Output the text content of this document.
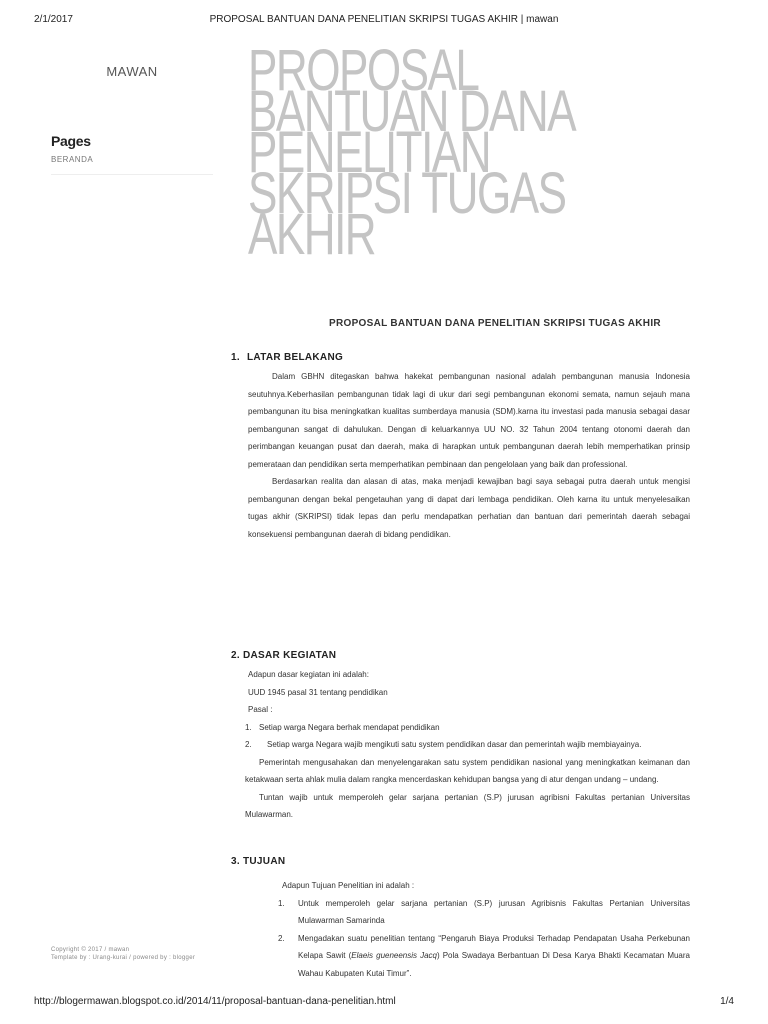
2/1/2017	PROPOSAL BANTUAN DANA PENELITIAN SKRIPSI TUGAS AKHIR | mawan
MAWAN
Pages
BERANDA
Copyright © 2017 / mawan
Template by : Urang-kurai / powered by : blogger
PROPOSAL BANTUAN DANA PENELITIAN SKRIPSI TUGAS AKHIR
PROPOSAL BANTUAN DANA PENELITIAN SKRIPSI TUGAS AKHIR
1. LATAR BELAKANG

Dalam GBHN ditegaskan bahwa hakekat pembangunan nasional adalah pembangunan manusia Indonesia seutuhnya.Keberhasilan pembangunan tidak lagi di ukur dari segi pembangunan ekonomi semata, namun sejauh mana pembangunan itu bisa meningkatkan kualitas sumberdaya manusia (SDM).karna itu investasi pada manusia sebagai dasar pembangunan sangat di dahulukan. Dengan di keluarkannya UU NO. 32 Tahun 2004 tentang otonomi daerah dan perimbangan keuangan pusat dan daerah, maka di harapkan untuk pembangunan daerah lebih memperhatikan prinsip pemerataan dan pendidikan serta memperhatikan pembinaan dan pengelolaan yang baik dan professional.

Berdasarkan realita dan alasan di atas, maka menjadi kewajiban bagi saya sebagai putra daerah untuk mengisi pembangunan dengan bekal pengetauhan yang di dapat dari lembaga pendidikan. Oleh karna itu untuk menyelesaikan tugas akhir (SKRIPSI) tidak lepas dan perlu mendapatkan perhatian dan bantuan dari pemerintah daerah sebagai konsekuensi pembangunan daerah di bidang pendidikan.

2. DASAR KEGIATAN

Adapun dasar kegiatan ini adalah:

UUD 1945 pasal 31 tentang pendidikan

Pasal :

1. Setiap warga Negara berhak mendapat pendidikan
2.	Setiap warga Negara wajib mengikuti satu system pendidikan dasar dan pemerintah wajib membiayainya.

Pemerintah mengusahakan dan menyelengarakan satu system pendidikan nasional yang meningkatkan keimanan dan ketakwaan serta ahlak mulia dalam rangka mencerdaskan kehidupan bangsa yang di atur dengan undang – undang.

Tuntan wajib untuk memperoleh gelar sarjana pertanian (S.P) jurusan agribisni Fakultas pertanian Universitas Mulawarman.

3. TUJUAN

Adapun Tujuan Penelitian ini adalah :

1.	Untuk memperoleh gelar sarjana pertanian (S.P) jurusan Agribisnis Fakultas Pertanian Universitas Mulawarman Samarinda
2.	Mengadakan suatu penelitian tentang “Pengaruh Biaya Produksi Terhadap Pendapatan Usaha Perkebunan Kelapa Sawit (Elaeis gueneensis Jacq) Pola Swadaya Berbantuan Di Desa Karya Bhakti Kecamatan Muara Wahau Kabupaten Kutai Timur”.
http://blogermawan.blogspot.co.id/2014/11/proposal-bantuan-dana-penelitian.html	1/4
